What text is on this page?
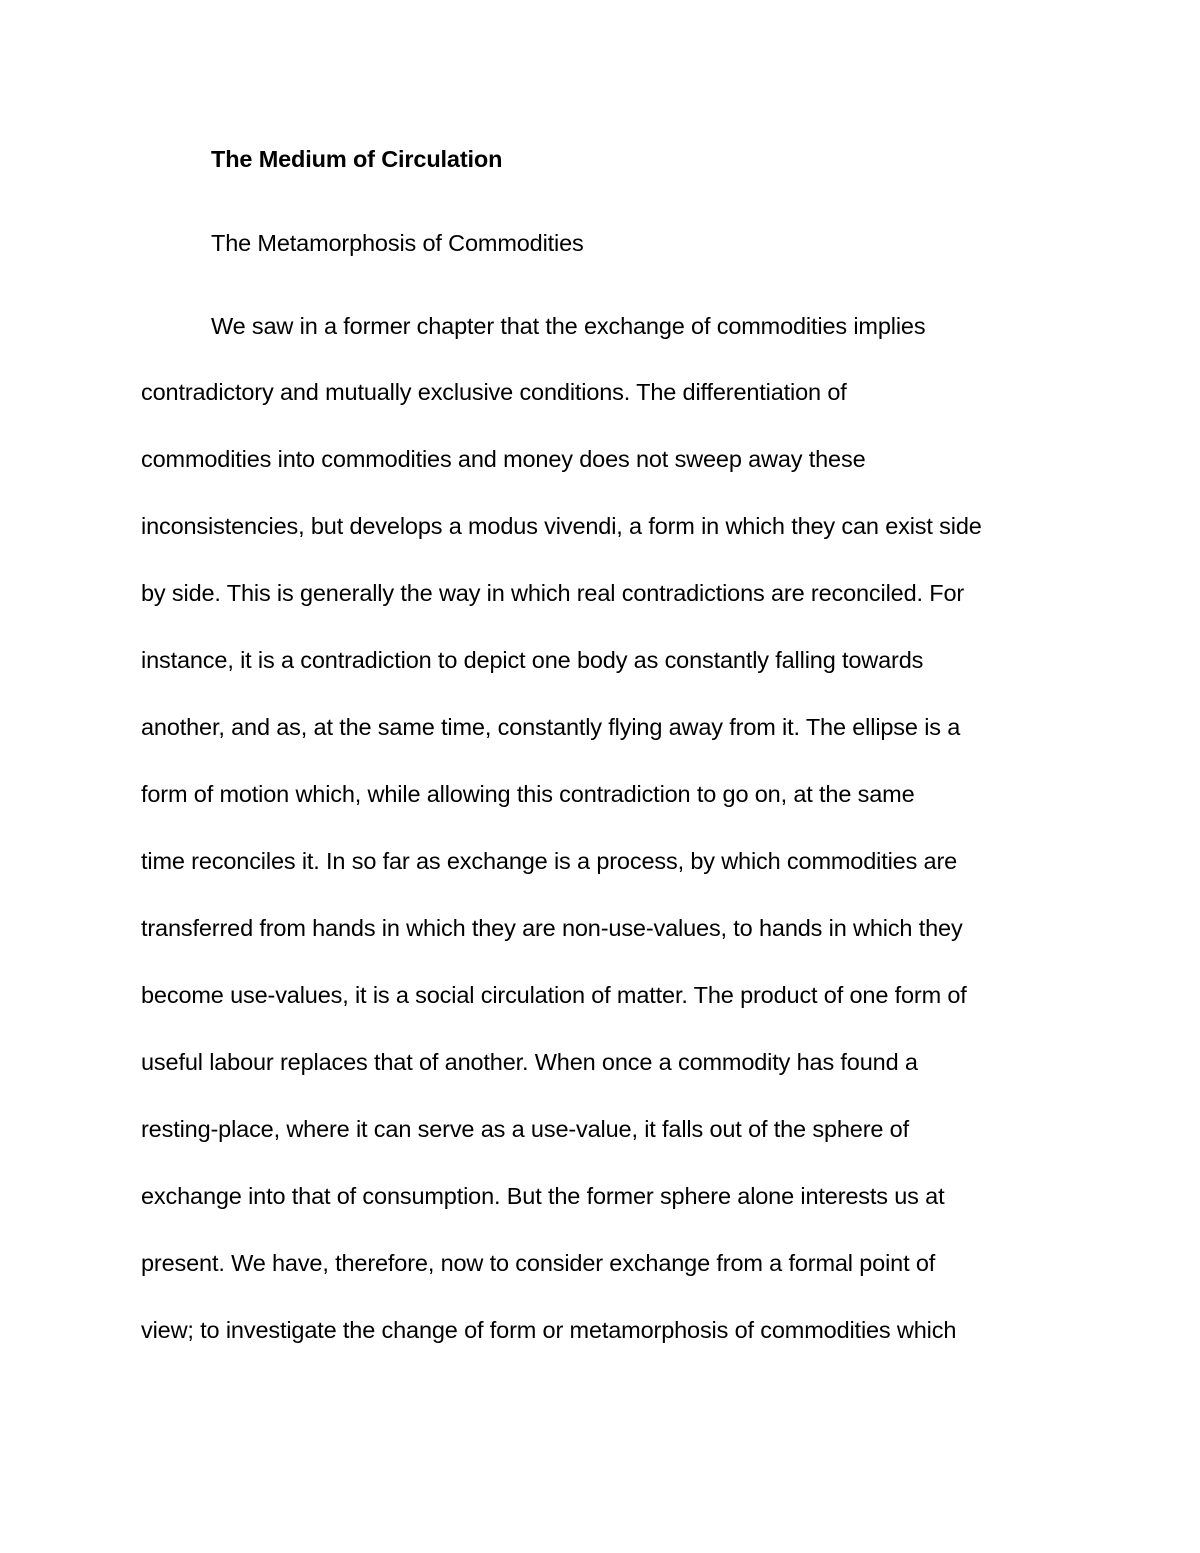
The Medium of Circulation
The Metamorphosis of Commodities
We saw in a former chapter that the exchange of commodities implies
contradictory and mutually exclusive conditions. The differentiation of
commodities into commodities and money does not sweep away these
inconsistencies, but develops a modus vivendi, a form in which they can exist side
by side. This is generally the way in which real contradictions are reconciled. For
instance, it is a contradiction to depict one body as constantly falling towards
another, and as, at the same time, constantly flying away from it. The ellipse is a
form of motion which, while allowing this contradiction to go on, at the same
time reconciles it. In so far as exchange is a process, by which commodities are
transferred from hands in which they are non-use-values, to hands in which they
become use-values, it is a social circulation of matter. The product of one form of
useful labour replaces that of another. When once a commodity has found a
resting-place, where it can serve as a use-value, it falls out of the sphere of
exchange into that of consumption. But the former sphere alone interests us at
present. We have, therefore, now to consider exchange from a formal point of
view; to investigate the change of form or metamorphosis of commodities which
